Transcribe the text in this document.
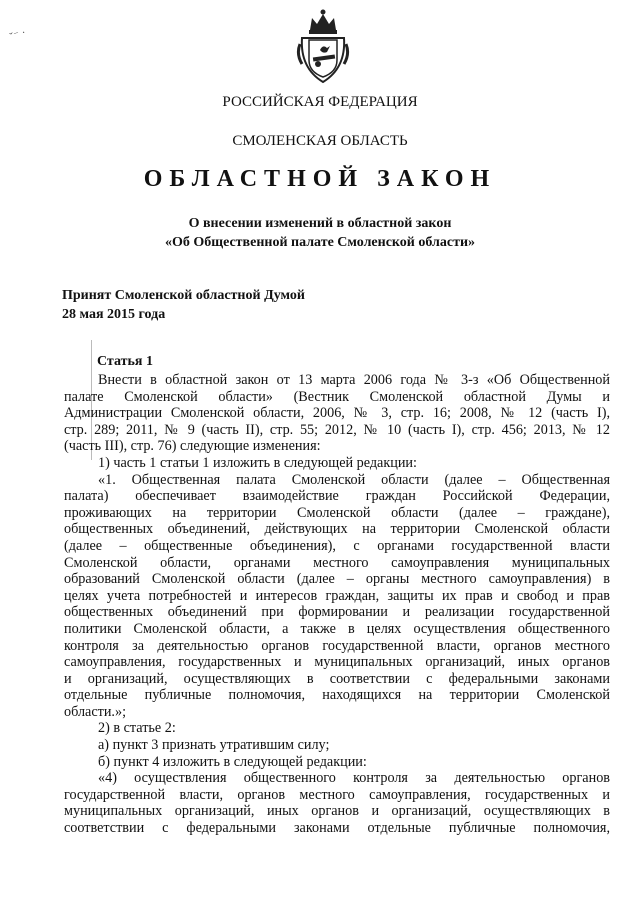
ˇ⁻ ·
РОССИЙСКАЯ ФЕДЕРАЦИЯ
СМОЛЕНСКАЯ ОБЛАСТЬ
ОБЛАСТНОЙ ЗАКОН
О внесении изменений в областной закон
«Об Общественной палате Смоленской области»
Принят Смоленской областной Думой
28 мая 2015 года
Статья 1
Внести в областной закон от 13 марта 2006 года № 3-з «Об Общественной
палате Смоленской области» (Вестник Смоленской областной Думы и
Администрации Смоленской области, 2006, № 3, стр. 16; 2008, № 12 (часть I),
стр. 289; 2011, № 9 (часть II), стр. 55; 2012, № 10 (часть I), стр. 456; 2013, № 12
(часть III), стр. 76) следующие изменения:
1) часть 1 статьи 1 изложить в следующей редакции:
«1. Общественная палата Смоленской области (далее – Общественная
палата) обеспечивает взаимодействие граждан Российской Федерации,
проживающих на территории Смоленской области (далее – граждане),
общественных объединений, действующих на территории Смоленской области
(далее – общественные объединения), с органами государственной власти
Смоленской области, органами местного самоуправления муниципальных
образований Смоленской области (далее – органы местного самоуправления) в
целях учета потребностей и интересов граждан, защиты их прав и свобод и прав
общественных объединений при формировании и реализации государственной
политики Смоленской области, а также в целях осуществления общественного
контроля за деятельностью органов государственной власти, органов местного
самоуправления, государственных и муниципальных организаций, иных органов
и организаций, осуществляющих в соответствии с федеральными законами
отдельные публичные полномочия, находящихся на территории Смоленской
области.»;
2) в статье 2:
а) пункт 3 признать утратившим силу;
б) пункт 4 изложить в следующей редакции:
«4) осуществления общественного контроля за деятельностью органов
государственной власти, органов местного самоуправления, государственных и
муниципальных организаций, иных органов и организаций, осуществляющих в
соответствии с федеральными законами отдельные публичные полномочия,
